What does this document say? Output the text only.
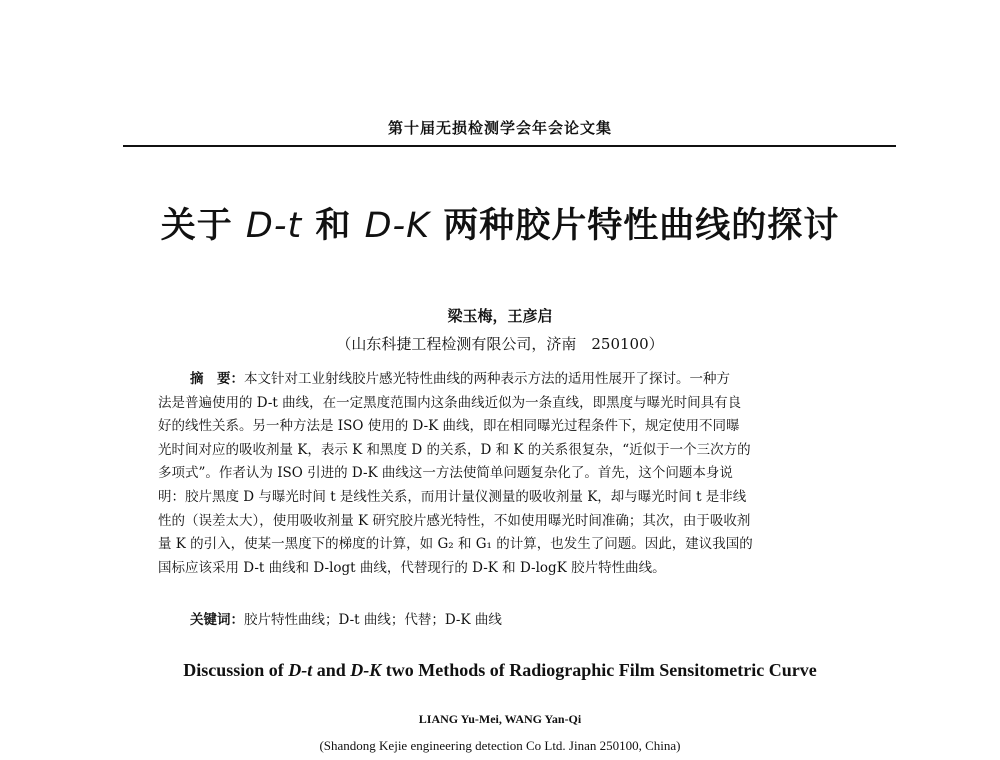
第十届无损检测学会年会论文集
关于 D-t 和 D-K 两种胶片特性曲线的探讨
梁玉梅，王彦启
（山东科捷工程检测有限公司，济南　250100）
摘　要：本文针对工业射线胶片感光特性曲线的两种表示方法的适用性展开了探讨。一种方
法是普遍使用的 D-t 曲线，在一定黑度范围内这条曲线近似为一条直线，即黑度与曝光时间具有良
好的线性关系。另一种方法是 ISO 使用的 D-K 曲线，即在相同曝光过程条件下，规定使用不同曝
光时间对应的吸收剂量 K，表示 K 和黑度 D 的关系，D 和 K 的关系很复杂，“近似于一个三次方的
多项式”。作者认为 ISO 引进的 D-K 曲线这一方法使简单问题复杂化了。首先，这个问题本身说
明：胶片黑度 D 与曝光时间 t 是线性关系，而用计量仪测量的吸收剂量 K，却与曝光时间 t 是非线
性的（误差太大），使用吸收剂量 K 研究胶片感光特性，不如使用曝光时间准确；其次，由于吸收剂
量 K 的引入，使某一黑度下的梯度的计算，如 G₂ 和 G₁ 的计算，也发生了问题。因此，建议我国的
国标应该采用 D-t 曲线和 D-logt 曲线，代替现行的 D-K 和 D-logK 胶片特性曲线。
关键词：胶片特性曲线；D-t 曲线；代替；D-K 曲线
Discussion of D-t and D-K two Methods of Radiographic Film Sensitometric Curve
LIANG Yu-Mei, WANG Yan-Qi
(Shandong Kejie engineering detection Co Ltd. Jinan 250100, China)
